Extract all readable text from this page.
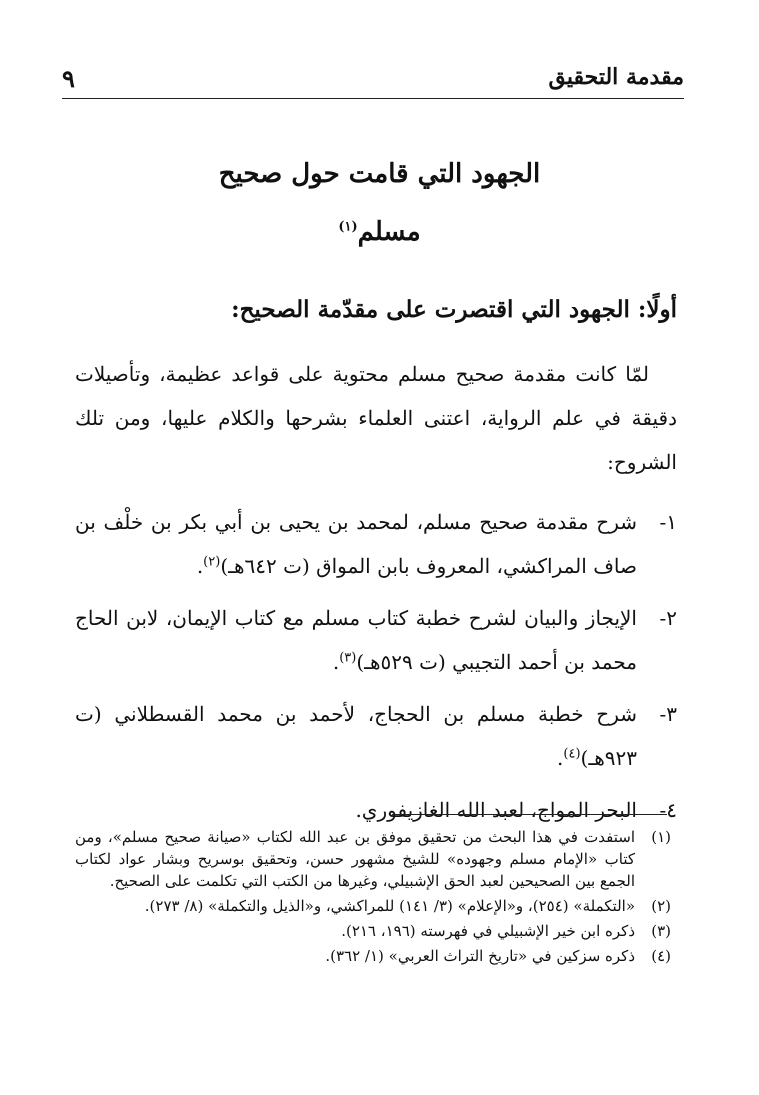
مقدمة التحقيق
٩
الجهود التي قامت حول صحيح
مسلم$^{(١)}$
أولًا: الجهود التي اقتصرت على مقدّمة الصحيح:

لمّا كانت مقدمة صحيح مسلم محتوية على قواعد عظيمة، وتأصيلات دقيقة في علم الرواية، اعتنى العلماء بشرحها والكلام عليها، ومن تلك الشروح:

١-
شرح مقدمة صحيح مسلم، لمحمد بن يحيى بن أبي بكر بن خلْف بن صاف المراكشي، المعروف بابن المواق (ت ٦٤٢هـ)$^{(٢)}$.
٢-
الإيجاز والبيان لشرح خطبة كتاب مسلم مع كتاب الإيمان، لابن الحاج محمد بن أحمد التجيبي (ت ٥٢٩هـ)$^{(٣)}$.
٣-
شرح خطبة مسلم بن الحجاج، لأحمد بن محمد القسطلاني (ت ٩٢٣هـ)$^{(٤)}$.
٤-
البحر المواج، لعبد الله الغازيفوري.
(١)
استفدت في هذا البحث من تحقيق موفق بن عبد الله لكتاب «صيانة صحيح مسلم»، ومن كتاب «الإمام مسلم وجهوده» للشيخ مشهور حسن، وتحقيق بوسريح وبشار عواد لكتاب الجمع بين الصحيحين لعبد الحق الإشبيلي، وغيرها من الكتب التي تكلمت على الصحيح.
(٢)
«التكملة» (٢٥٤)، و«الإعلام» (٣/ ١٤١) للمراكشي، و«الذيل والتكملة» (٨/ ٢٧٣).
(٣)
ذكره ابن خير الإشبيلي في فهرسته (١٩٦، ٢١٦).
(٤)
ذكره سزكين في «تاريخ التراث العربي» (١/ ٣٦٢).
